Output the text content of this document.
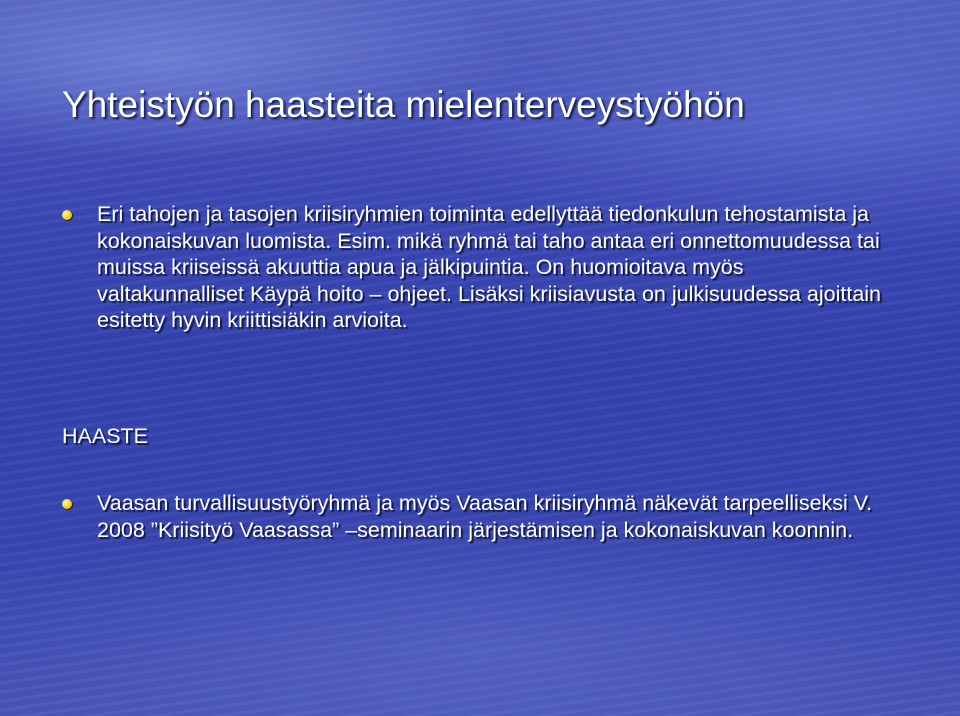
Yhteistyön haasteita mielenterveystyöhön

Eri tahojen ja tasojen kriisiryhmien toiminta edellyttää tiedonkulun tehostamista ja kokonaiskuvan luomista. Esim. mikä ryhmä tai taho antaa eri onnettomuudessa tai muissa kriiseissä akuuttia apua ja jälkipuintia. On huomioitava myös valtakunnalliset Käypä hoito – ohjeet. Lisäksi kriisiavusta on julkisuudessa ajoittain esitetty hyvin kriittisiäkin arvioita.

HAASTE

Vaasan turvallisuustyöryhmä ja myös Vaasan kriisiryhmä näkevät tarpeelliseksi V. 2008 ”Kriisityö Vaasassa” –seminaarin järjestämisen ja kokonaiskuvan koonnin.
